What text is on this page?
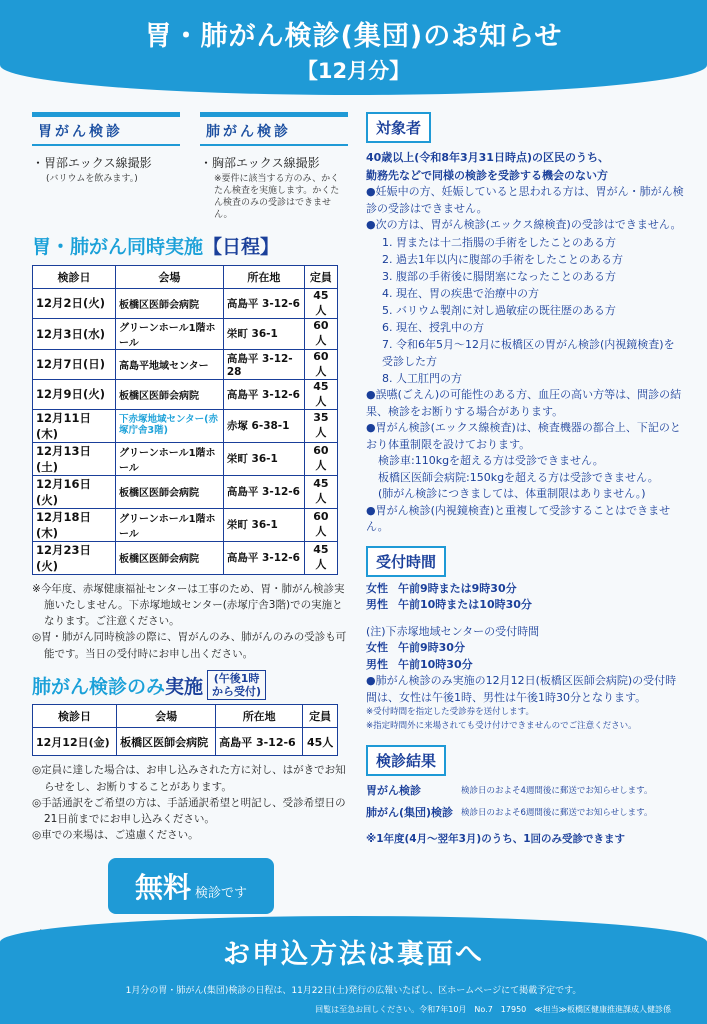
胃・肺がん検診(集団)のお知らせ
【12月分】
胃がん検診
・胃部エックス線撮影
(バリウムを飲みます。)
肺がん検診
・胸部エックス線撮影
※要件に該当する方のみ、かくたん検査を実施します。かくたん検査のみの受診はできません。
胃・肺がん同時実施【日程】
検診日	会場	所在地	定員
12月2日(火)	板橋区医師会病院	高島平 3-12-6	45人
12月3日(水)	グリーンホール1階ホール	栄町 36-1	60人
12月7日(日)	高島平地域センター	高島平 3-12-28	60人
12月9日(火)	板橋区医師会病院	高島平 3-12-6	45人
12月11日(木)	下赤塚地域センター(赤塚庁舎3階)	赤塚 6-38-1	35人
12月13日(土)	グリーンホール1階ホール	栄町 36-1	60人
12月16日(火)	板橋区医師会病院	高島平 3-12-6	45人
12月18日(木)	グリーンホール1階ホール	栄町 36-1	60人
12月23日(火)	板橋区医師会病院	高島平 3-12-6	45人

※今年度、赤塚健康福祉センターは工事のため、胃・肺がん検診実施いたしません。下赤塚地域センター(赤塚庁舎3階)での実施となります。ご注意ください。

◎胃・肺がん同時検診の際に、胃がんのみ、肺がんのみの受診も可能です。当日の受付時にお申し出ください。

肺がん検診のみ実施 (午後1時
から受付)
検診日	会場	所在地	定員
12月12日(金)	板橋区医師会病院	高島平 3-12-6	45人

◎定員に達した場合は、お申し込みされた方に対し、はがきでお知らせをし、お断りすることがあります。

◎手話通訳をご希望の方は、手話通訳希望と明記し、受診希望日の21日前までにお申し込みください。

◎車での来場は、ご遠慮ください。

無料 検診です
対象者
40歳以上(令和8年3月31日時点)の区民のうち、
勤務先などで同様の検診を受診する機会のない方
●妊娠中の方、妊娠していると思われる方は、胃がん・肺がん検診の受診はできません。
●次の方は、胃がん検診(エックス線検査)の受診はできません。
1. 胃または十二指腸の手術をしたことのある方
2. 過去1年以内に腹部の手術をしたことのある方
3. 腹部の手術後に腸閉塞になったことのある方
4. 現在、胃の疾患で治療中の方
5. バリウム製剤に対し過敏症の既往歴のある方
6. 現在、授乳中の方
7. 令和6年5月〜12月に板橋区の胃がん検診(内視鏡検査)を受診した方
8. 人工肛門の方
●誤嚥(ごえん)の可能性のある方、血圧の高い方等は、問診の結果、検診をお断りする場合があります。
●胃がん検診(エックス線検査)は、検査機器の都合上、下記のとおり体重制限を設けております。
検診車:110kgを超える方は受診できません。
板橋区医師会病院:150kgを超える方は受診できません。
(肺がん検診につきましては、体重制限はありません。)
●胃がん検診(内視鏡検査)と重複して受診することはできません。
受付時間
女性 午前9時または9時30分
男性 午前10時または10時30分
(注)下赤塚地域センターの受付時間
女性 午前9時30分
男性 午前10時30分
●肺がん検診のみ実施の12月12日(板橋区医師会病院)の受付時間は、女性は午後1時、男性は午後1時30分となります。
※受付時間を指定した受診券を送付します。
※指定時間外に来場されても受け付けできませんのでご注意ください。
検診結果
胃がん検診	検診日のおよそ4週間後に郵送でお知らせします。
肺がん(集団)検診 検診日のおよそ6週間後に郵送でお知らせします。
※1年度(4月〜翌年3月)のうち、1回のみ受診できます
お申込方法は裏面へ
1月分の胃・肺がん(集団)検診の日程は、11月22日(土)発行の広報いたばし、区ホームページにて掲載予定です。
回覧は至急お回しください。令和7年10月　No.7　17950　≪担当≫板橋区健康推進課成人健診係
